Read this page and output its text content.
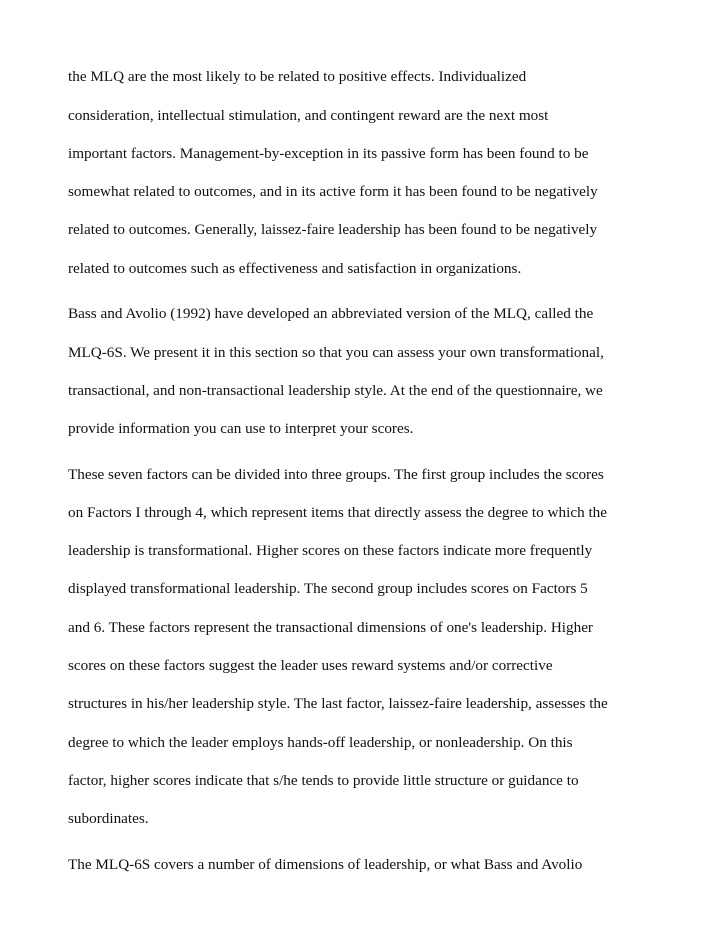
the MLQ are the most likely to be related to positive effects. Individualized
consideration, intellectual stimulation, and contingent reward are the next most
important factors. Management-by-exception in its passive form has been found to be
somewhat related to outcomes, and in its active form it has been found to be negatively
related to outcomes. Generally, laissez-faire leadership has been found to be negatively
related to outcomes such as effectiveness and satisfaction in organizations.
Bass and Avolio (1992) have developed an abbreviated version of the MLQ, called the
MLQ-6S. We present it in this section so that you can assess your own transformational,
transactional, and non-transactional leadership style. At the end of the questionnaire, we
provide information you can use to interpret your scores.
These seven factors can be divided into three groups. The first group includes the scores
on Factors I through 4, which represent items that directly assess the degree to which the
leadership is transformational. Higher scores on these factors indicate more frequently
displayed transformational leadership. The second group includes scores on Factors 5
and 6. These factors represent the transactional dimensions of one's leadership. Higher
scores on these factors suggest the leader uses reward systems and/or corrective
structures in his/her leadership style. The last factor, laissez-faire leadership, assesses the
degree to which the leader employs hands-off leadership, or nonleadership. On this
factor, higher scores indicate that s/he tends to provide little structure or guidance to
subordinates.
The MLQ-6S covers a number of dimensions of leadership, or what Bass and Avolio
